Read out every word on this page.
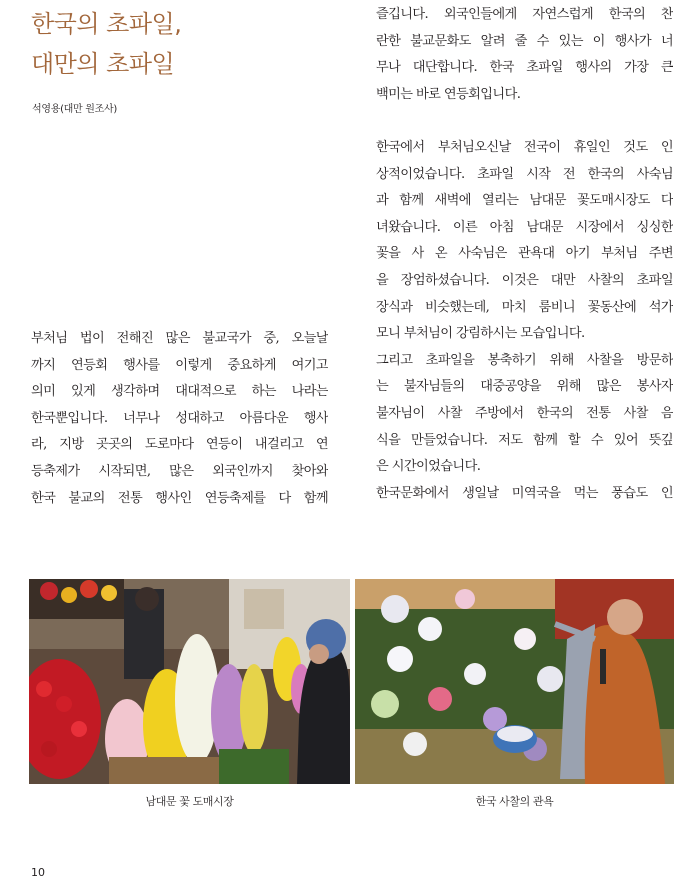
한국의 초파일,
대만의 초파일
석영용(대만 원조사)
부처님 법이 전해진 많은 불교국가 중, 오늘날
까지 연등회 행사를 이렇게 중요하게 여기고
의미 있게 생각하며 대대적으로 하는 나라는
한국뿐입니다. 너무나 성대하고 아름다운 행사
라, 지방 곳곳의 도로마다 연등이 내걸리고 연
등축제가 시작되면, 많은 외국인까지 찾아와
한국 불교의 전통 행사인 연등축제를 다 함께
즐깁니다. 외국인들에게 자연스럽게 한국의 찬
란한 불교문화도 알려 줄 수 있는 이 행사가 너
무나 대단합니다. 한국 초파일 행사의 가장 큰
백미는 바로 연등회입니다.
한국에서 부처님오신날 전국이 휴일인 것도 인
상적이었습니다. 초파일 시작 전 한국의 사숙님
과 함께 새벽에 열리는 남대문 꽃도매시장도 다
녀왔습니다. 이른 아침 남대문 시장에서 싱싱한
꽃을 사 온 사숙님은 관욕대 아기 부처님 주변
을 장엄하셨습니다. 이것은 대만 사찰의 초파일
장식과 비슷했는데, 마치 룸비니 꽃동산에 석가
모니 부처님이 강림하시는 모습입니다.
그리고 초파일을 봉축하기 위해 사찰을 방문하
는 불자님들의 대중공양을 위해 많은 봉사자
불자님이 사찰 주방에서 한국의 전통 사찰 음
식을 만들었습니다. 저도 함께 할 수 있어 뜻깊
은 시간이었습니다.
한국문화에서 생일날 미역국을 먹는 풍습도 인
남대문 꽃 도매시장	한국 사찰의 관욕
10
